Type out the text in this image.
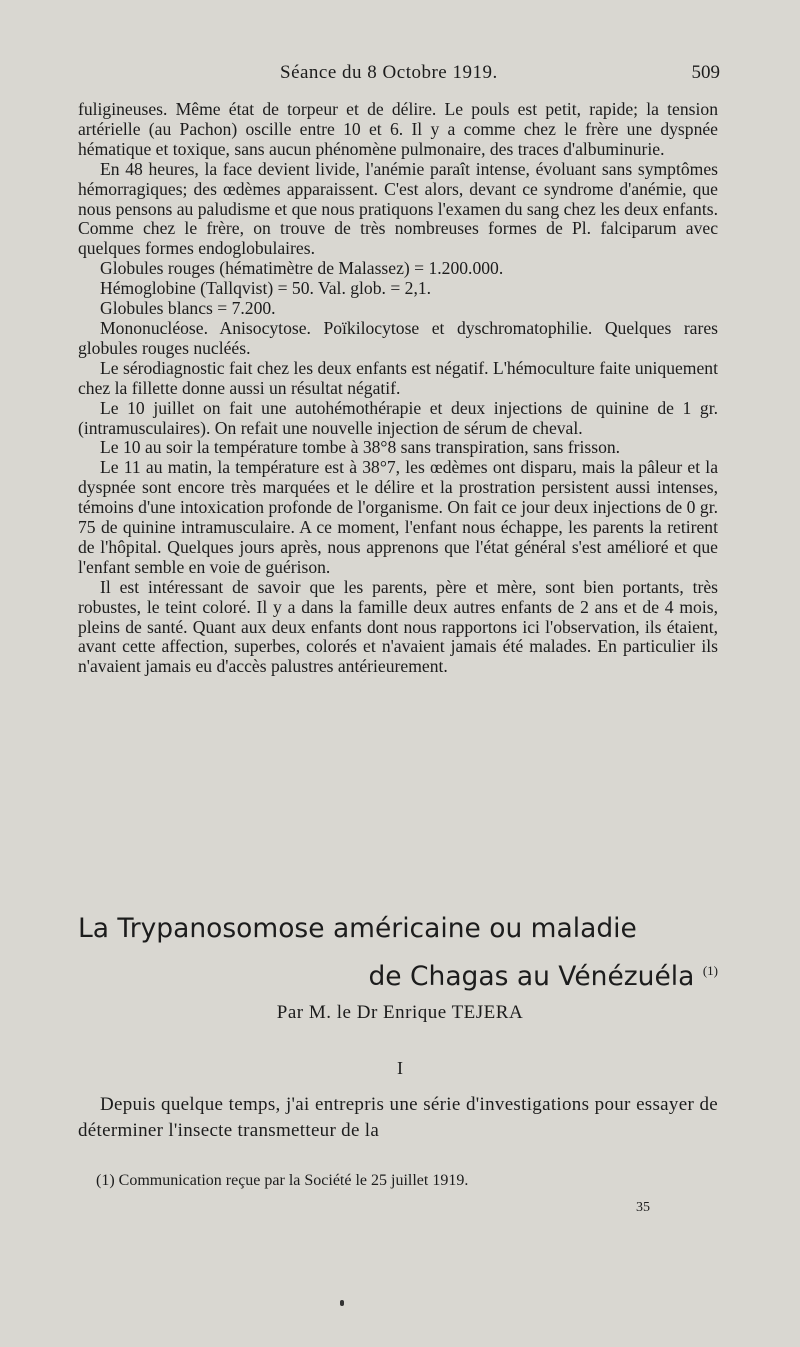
Séance du 8 Octobre 1919.	509

fuligineuses. Même état de torpeur et de délire. Le pouls est petit, rapide; la tension artérielle (au Pachon) oscille entre 10 et 6. Il y a comme chez le frère une dyspnée hématique et toxique, sans aucun phénomène pulmonaire, des traces d'albuminurie.

En 48 heures, la face devient livide, l'anémie paraît intense, évoluant sans symptômes hémorragiques; des œdèmes apparaissent. C'est alors, devant ce syndrome d'anémie, que nous pensons au paludisme et que nous pratiquons l'examen du sang chez les deux enfants. Comme chez le frère, on trouve de très nombreuses formes de Pl. falciparum avec quelques formes endoglobulaires.

Globules rouges (hématimètre de Malassez) = 1.200.000.

Hémoglobine (Tallqvist) = 50. Val. glob. = 2,1.

Globules blancs = 7.200.

Mononucléose. Anisocytose. Poïkilocytose et dyschromatophilie. Quelques rares globules rouges nucléés.

Le sérodiagnostic fait chez les deux enfants est négatif. L'hémoculture faite uniquement chez la fillette donne aussi un résultat négatif.

Le 10 juillet on fait une autohémothérapie et deux injections de quinine de 1 gr. (intramusculaires). On refait une nouvelle injection de sérum de cheval.

Le 10 au soir la température tombe à 38°8 sans transpiration, sans frisson.

Le 11 au matin, la température est à 38°7, les œdèmes ont disparu, mais la pâleur et la dyspnée sont encore très marquées et le délire et la prostration persistent aussi intenses, témoins d'une intoxication profonde de l'organisme. On fait ce jour deux injections de 0 gr. 75 de quinine intramusculaire. A ce moment, l'enfant nous échappe, les parents la retirent de l'hôpital. Quelques jours après, nous apprenons que l'état général s'est amélioré et que l'enfant semble en voie de guérison.

Il est intéressant de savoir que les parents, père et mère, sont bien portants, très robustes, le teint coloré. Il y a dans la famille deux autres enfants de 2 ans et de 4 mois, pleins de santé. Quant aux deux enfants dont nous rapportons ici l'observation, ils étaient, avant cette affection, superbes, colorés et n'avaient jamais été malades. En particulier ils n'avaient jamais eu d'accès palustres antérieurement.

La Trypanosomose américaine ou maladie
de Chagas au Vénézuéla $^{(1)}$
Par M. le Dr Enrique TEJERA
I

Depuis quelque temps, j'ai entrepris une série d'investigations pour essayer de déterminer l'insecte transmetteur de la

(1) Communication reçue par la Société le 25 juillet 1919.
35
